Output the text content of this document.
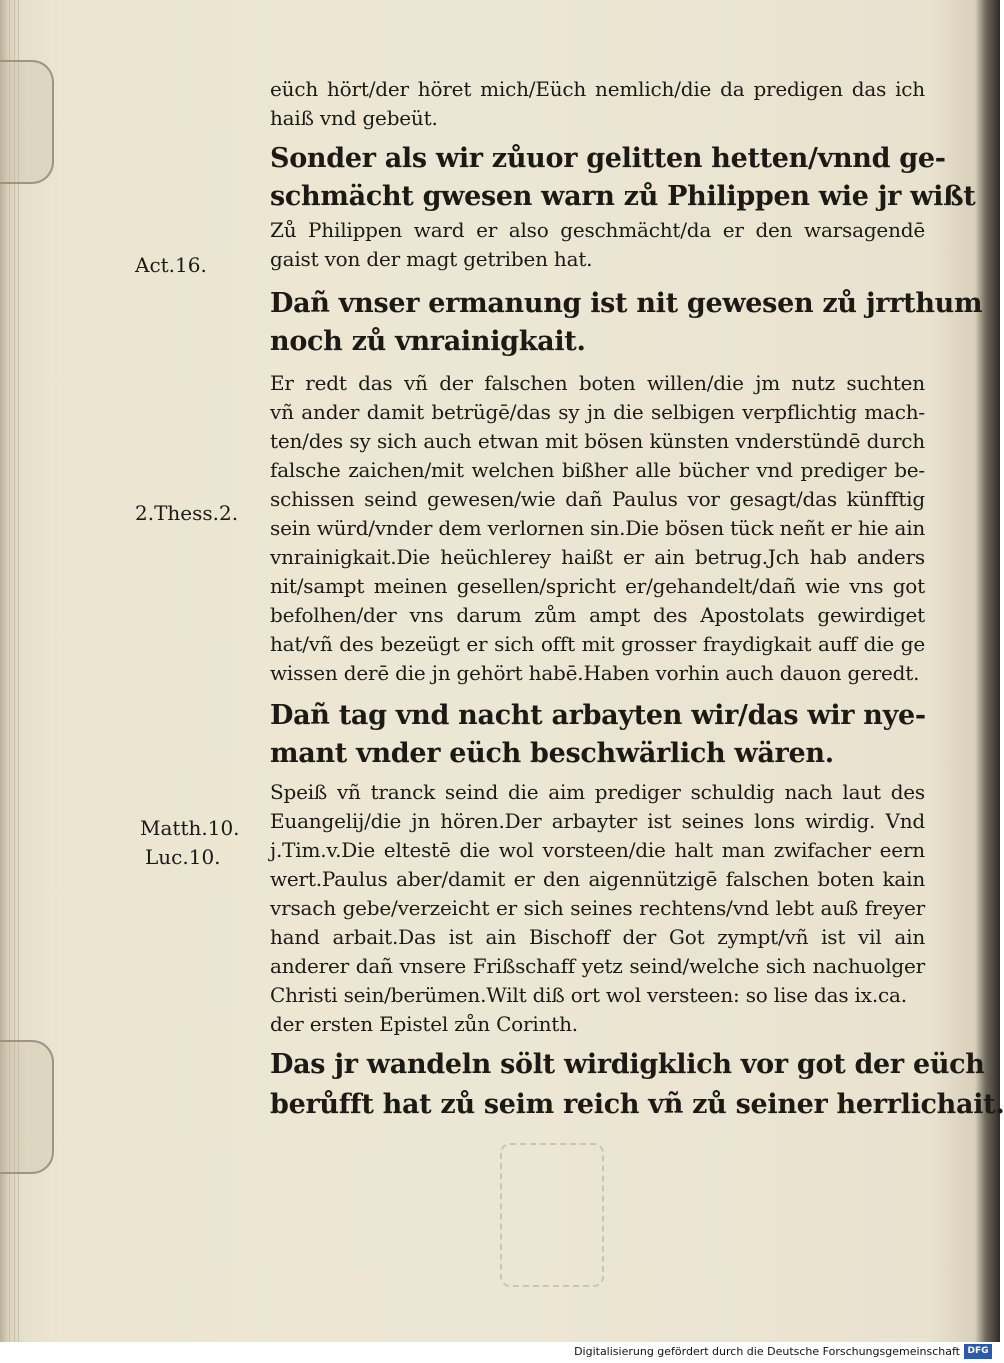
Act.16.
2.Thess.2.
Matth.10.
Luc.10.
eüch hört/der höret mich/Eüch nemlich/die da predigen das ich
haiß vnd gebeüt.
Sonder als wir zůuor gelitten hetten/vnnd ge-
schmächt gwesen warn zů Philippen wie jr wißt
Zů Philippen ward er also geschmächt/da er den warsagendē
gaist von der magt getriben hat.
Dañ vnser ermanung ist nit gewesen zů jrrthum
noch zů vnrainigkait.
Er redt das vñ der falschen boten willen/die jm nutz suchten
vñ ander damit betrügē/das sy jn die selbigen verpflichtig mach-
ten/des sy sich auch etwan mit bösen künsten vnderstündē durch
falsche zaichen/mit welchen bißher alle bücher vnd prediger be-
schissen seind gewesen/wie dañ Paulus vor gesagt/das künfftig
sein würd/vnder dem verlornen sin.Die bösen tück neñt er hie ain
vnrainigkait.Die heüchlerey haißt er ain betrug.Jch hab anders
nit/sampt meinen gesellen/spricht er/gehandelt/dañ wie vns got
befolhen/der vns darum zům ampt des Apostolats gewirdiget
hat/vñ des bezeügt er sich offt mit grosser fraydigkait auff die ge
wissen derē die jn gehört habē.Haben vorhin auch dauon geredt.
Dañ tag vnd nacht arbayten wir/das wir nye-
mant vnder eüch beschwärlich wären.
Speiß vñ tranck seind die aim prediger schuldig nach laut des
Euangelij/die jn hören.Der arbayter ist seines lons wirdig. Vnd
j.Tim.v.Die eltestē die wol vorsteen/die halt man zwifacher eern
wert.Paulus aber/damit er den aigennützigē falschen boten kain
vrsach gebe/verzeicht er sich seines rechtens/vnd lebt auß freyer
hand arbait.Das ist ain Bischoff der Got zympt/vñ ist vil ain
anderer dañ vnsere Frißschaff yetz seind/welche sich nachuolger
Christi sein/berümen.Wilt diß ort wol versteen: so lise das ix.ca.
der ersten Epistel zůn Corinth.
Das jr wandeln sölt wirdigklich vor got der eüch
berůfft hat zů seim reich vñ zů seiner herrlichait.
Digitalisierung gefördert durch die Deutsche Forschungsgemeinschaft DFG
